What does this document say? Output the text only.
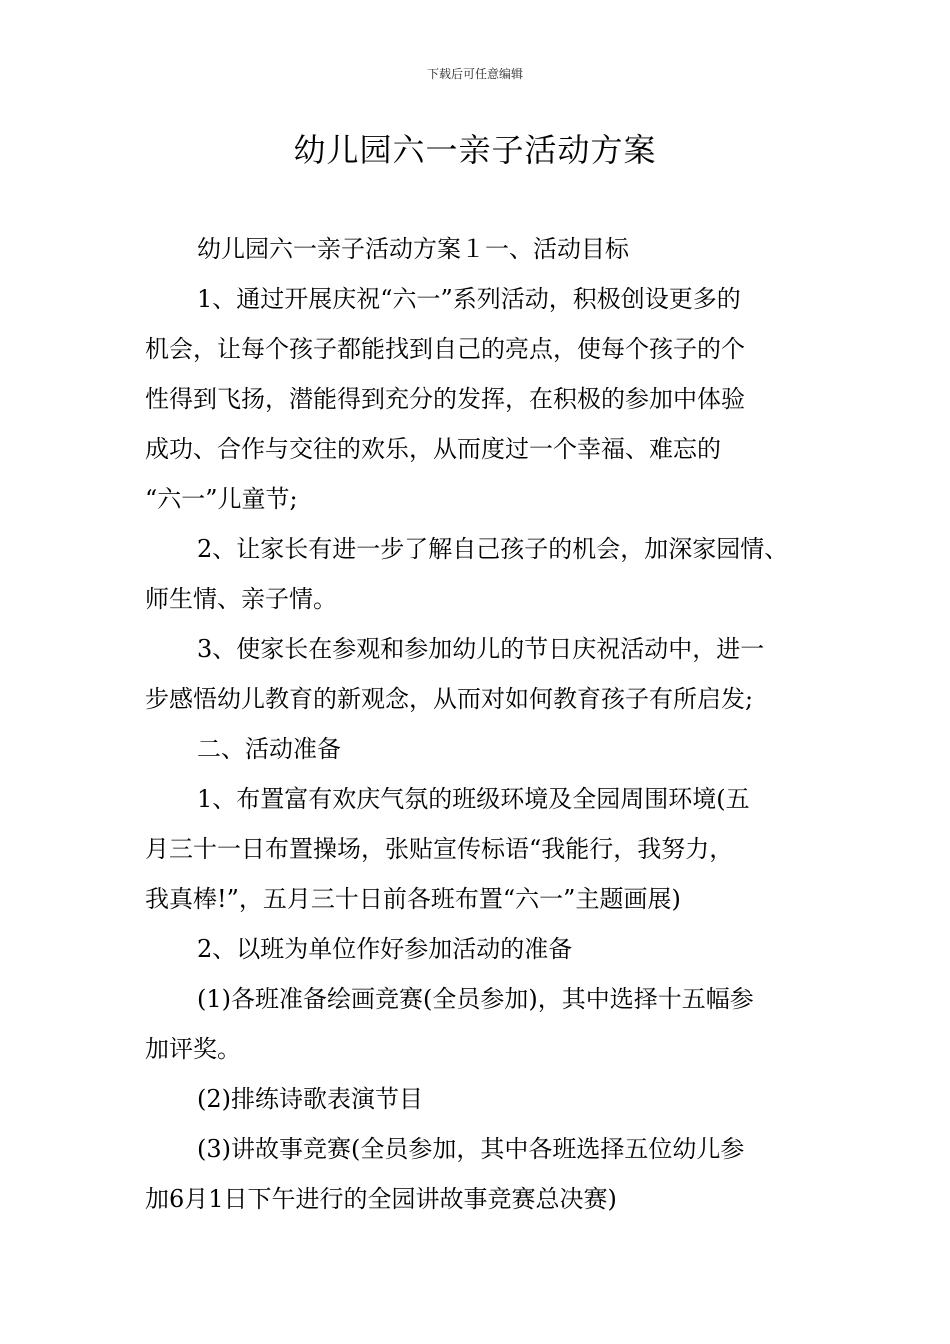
下载后可任意编辑
幼儿园六一亲子活动方案
幼儿园六一亲子活动方案１一、活动目标
1、通过开展庆祝“六一”系列活动，积极创设更多的
机会，让每个孩子都能找到自己的亮点，使每个孩子的个
性得到飞扬，潜能得到充分的发挥，在积极的参加中体验
成功、合作与交往的欢乐，从而度过一个幸福、难忘的
“六一”儿童节;
2、让家长有进一步了解自己孩子的机会，加深家园情、
师生情、亲子情。
3、使家长在参观和参加幼儿的节日庆祝活动中，进一
步感悟幼儿教育的新观念，从而对如何教育孩子有所启发;
二、活动准备
1、布置富有欢庆气氛的班级环境及全园周围环境(五
月三十一日布置操场，张贴宣传标语“我能行，我努力，
我真棒!”，五月三十日前各班布置“六一”主题画展)
2、以班为单位作好参加活动的准备
(1)各班准备绘画竞赛(全员参加)，其中选择十五幅参
加评奖。
(2)排练诗歌表演节目
(3)讲故事竞赛(全员参加，其中各班选择五位幼儿参
加6月1日下午进行的全园讲故事竞赛总决赛)
